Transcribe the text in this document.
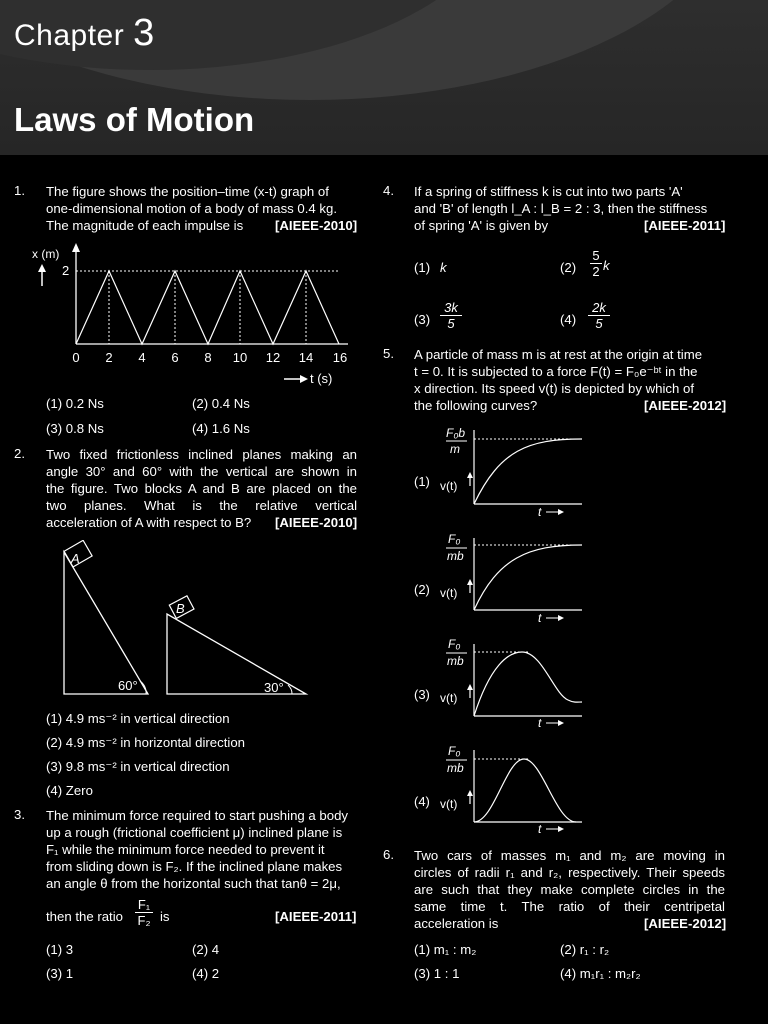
Chapter 3
Laws of Motion
1. The figure shows the position–time (x-t) graph of
one-dimensional motion of a body of mass 0.4 kg.
The magnitude of each impulse is [AIEEE-2010]
x (m)
2
0 2 4 6 8 10 12 14 16
t (s)
(1) 0.2 Ns	(2) 0.4 Ns
(3) 0.8 Ns	(4) 1.6 Ns
2. Two fixed frictionless inclined planes making an
angle 30° and 60° with the vertical are shown in
the figure. Two blocks A and B are placed on the
two planes. What is the relative vertical
acceleration of A with respect to B? [AIEEE-2010]
A
60°
B
30°
(1) 4.9 ms⁻² in vertical direction
(2) 4.9 ms⁻² in horizontal direction
(3) 9.8 ms⁻² in vertical direction
(4) Zero
3. The minimum force required to start pushing a body
up a rough (frictional coefficient μ) inclined plane is
F₁ while the minimum force needed to prevent it
from sliding down is F₂. If the inclined plane makes
an angle θ from the horizontal such that tanθ = 2μ,
then the ratio $\frac{\text{F₁}}{\text{F₂}}$ is	[AIEEE-2011]
(1) 3	(2) 4
(3) 1	(4) 2
4. If a spring of stiffness k is cut into two parts 'A'
and 'B' of length l_A : l_B = 2 : 3, then the stiffness
of spring 'A' is given by	[AIEEE-2011]
(1) k	$(2) \frac{5}{2}$ k
$(3) \frac{3k}{5}$	$(4) \frac{2k}{5}$
5. A particle of mass m is at rest at the origin at time
t = 0. It is subjected to a force F(t) = F₀e⁻ᵇᵗ in the
x direction. Its speed v(t) is depicted by which of
the following curves?	[AIEEE-2012]
(1)
F₀b
m
v(t)
t
(2)
F₀
mb
v(t)
t
(3)
F₀
mb
v(t)
t
(4)
F₀
mb
v(t)
t
6. Two cars of masses m₁ and m₂ are moving in
circles of radii r₁ and r₂, respectively. Their speeds
are such that they make complete circles in the
same time t. The ratio of their centripetal
acceleration is	[AIEEE-2012]
(1) m₁ : m₂	(2) r₁ : r₂
(3) 1 : 1	(4) m₁r₁ : m₂r₂
